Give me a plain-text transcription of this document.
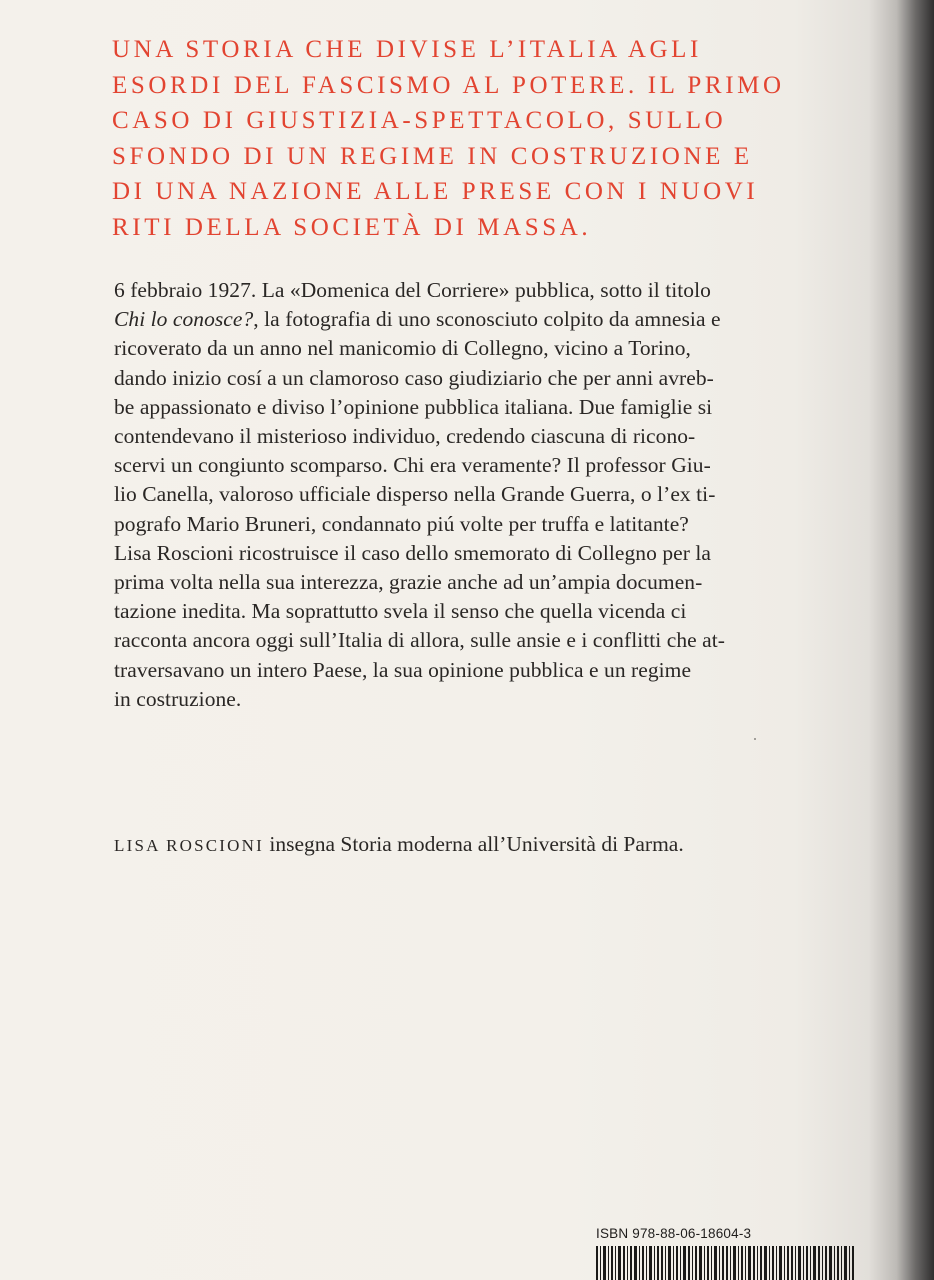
UNA STORIA CHE DIVISE L’ITALIA AGLI
ESORDI DEL FASCISMO AL POTERE. IL PRIMO
CASO DI GIUSTIZIA-SPETTACOLO, SULLO
SFONDO DI UN REGIME IN COSTRUZIONE E
DI UNA NAZIONE ALLE PRESE CON I NUOVI
RITI DELLA SOCIETÀ DI MASSA.
6 febbraio 1927. La «Domenica del Corriere» pubblica, sotto il titolo
Chi lo conosce?, la fotografia di uno sconosciuto colpito da amnesia e
ricoverato da un anno nel manicomio di Collegno, vicino a Torino,
dando inizio cosí a un clamoroso caso giudiziario che per anni avreb-
be appassionato e diviso l’opinione pubblica italiana. Due famiglie si
contendevano il misterioso individuo, credendo ciascuna di ricono-
scervi un congiunto scomparso. Chi era veramente? Il professor Giu-
lio Canella, valoroso ufficiale disperso nella Grande Guerra, o l’ex ti-
pografo Mario Bruneri, condannato piú volte per truffa e latitante?
Lisa Roscioni ricostruisce il caso dello smemorato di Collegno per la
prima volta nella sua interezza, grazie anche ad un’ampia documen-
tazione inedita. Ma soprattutto svela il senso che quella vicenda ci
racconta ancora oggi sull’Italia di allora, sulle ansie e i conflitti che at-
traversavano un intero Paese, la sua opinione pubblica e un regime
in costruzione.
LISA ROSCIONI insegna Storia moderna all’Università di Parma.
ISBN 978-88-06-18604-3
